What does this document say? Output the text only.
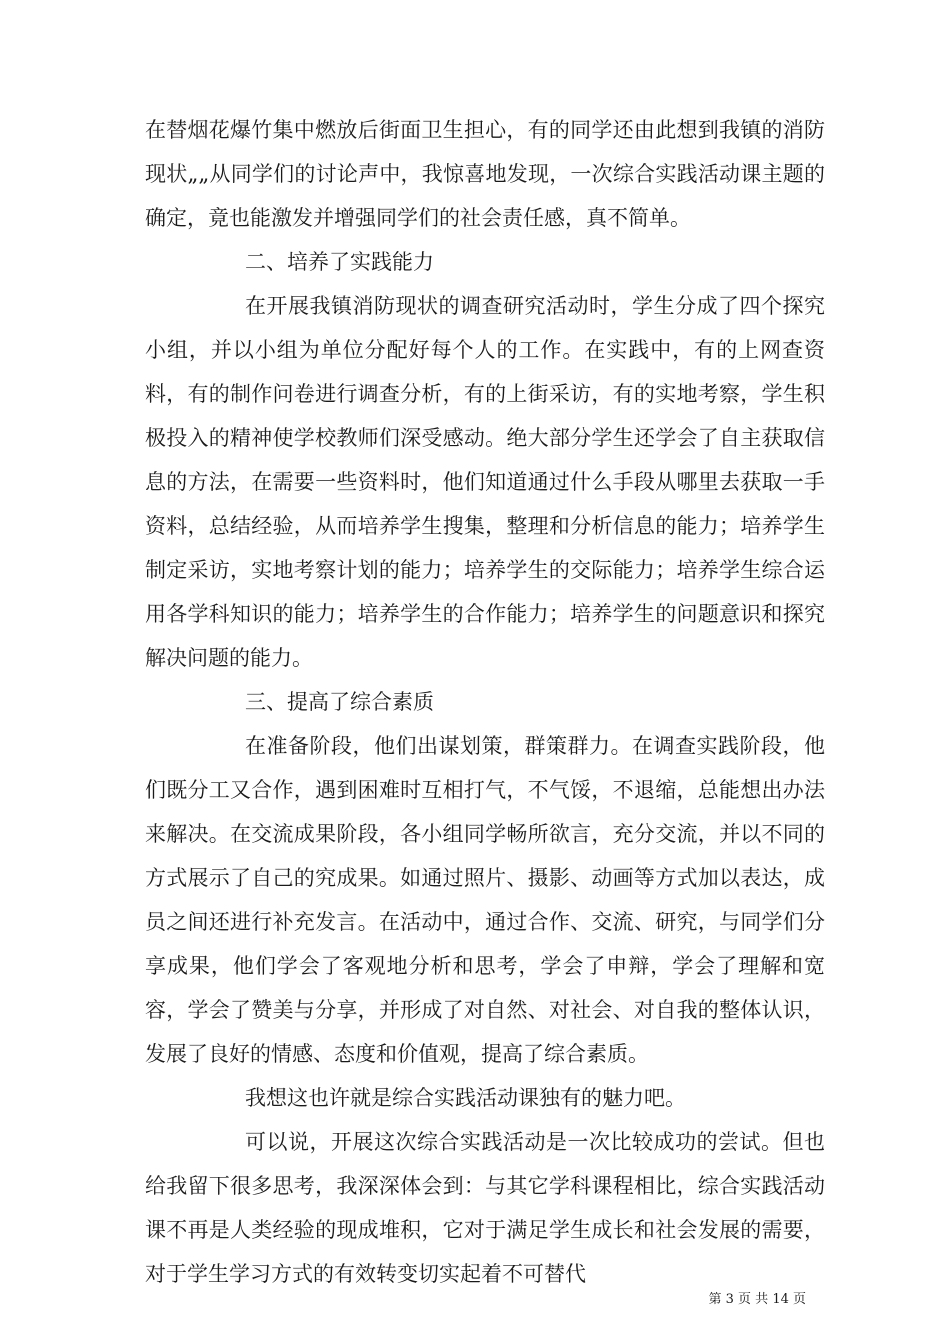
在替烟花爆竹集中燃放后街面卫生担心，有的同学还由此想到我镇的消防现状„„从同学们的讨论声中，我惊喜地发现，一次综合实践活动课主题的确定，竟也能激发并增强同学们的社会责任感，真不简单。

二、培养了实践能力

在开展我镇消防现状的调查研究活动时，学生分成了四个探究小组，并以小组为单位分配好每个人的工作。在实践中，有的上网查资料，有的制作问卷进行调查分析，有的上街采访，有的实地考察，学生积极投入的精神使学校教师们深受感动。绝大部分学生还学会了自主获取信息的方法，在需要一些资料时，他们知道通过什么手段从哪里去获取一手资料，总结经验，从而培养学生搜集，整理和分析信息的能力；培养学生制定采访，实地考察计划的能力；培养学生的交际能力；培养学生综合运用各学科知识的能力；培养学生的合作能力；培养学生的问题意识和探究解决问题的能力。

三、提高了综合素质

在准备阶段，他们出谋划策，群策群力。在调查实践阶段，他们既分工又合作，遇到困难时互相打气，不气馁，不退缩，总能想出办法来解决。在交流成果阶段，各小组同学畅所欲言，充分交流，并以不同的方式展示了自己的究成果。如通过照片、摄影、动画等方式加以表达，成员之间还进行补充发言。在活动中，通过合作、交流、研究，与同学们分享成果，他们学会了客观地分析和思考，学会了申辩，学会了理解和宽容，学会了赞美与分享，并形成了对自然、对社会、对自我的整体认识，发展了良好的情感、态度和价值观，提高了综合素质。

我想这也许就是综合实践活动课独有的魅力吧。

可以说，开展这次综合实践活动是一次比较成功的尝试。但也给我留下很多思考，我深深体会到：与其它学科课程相比，综合实践活动课不再是人类经验的现成堆积，它对于满足学生成长和社会发展的需要，对于学生学习方式的有效转变切实起着不可替代

第 3 页 共 14 页
